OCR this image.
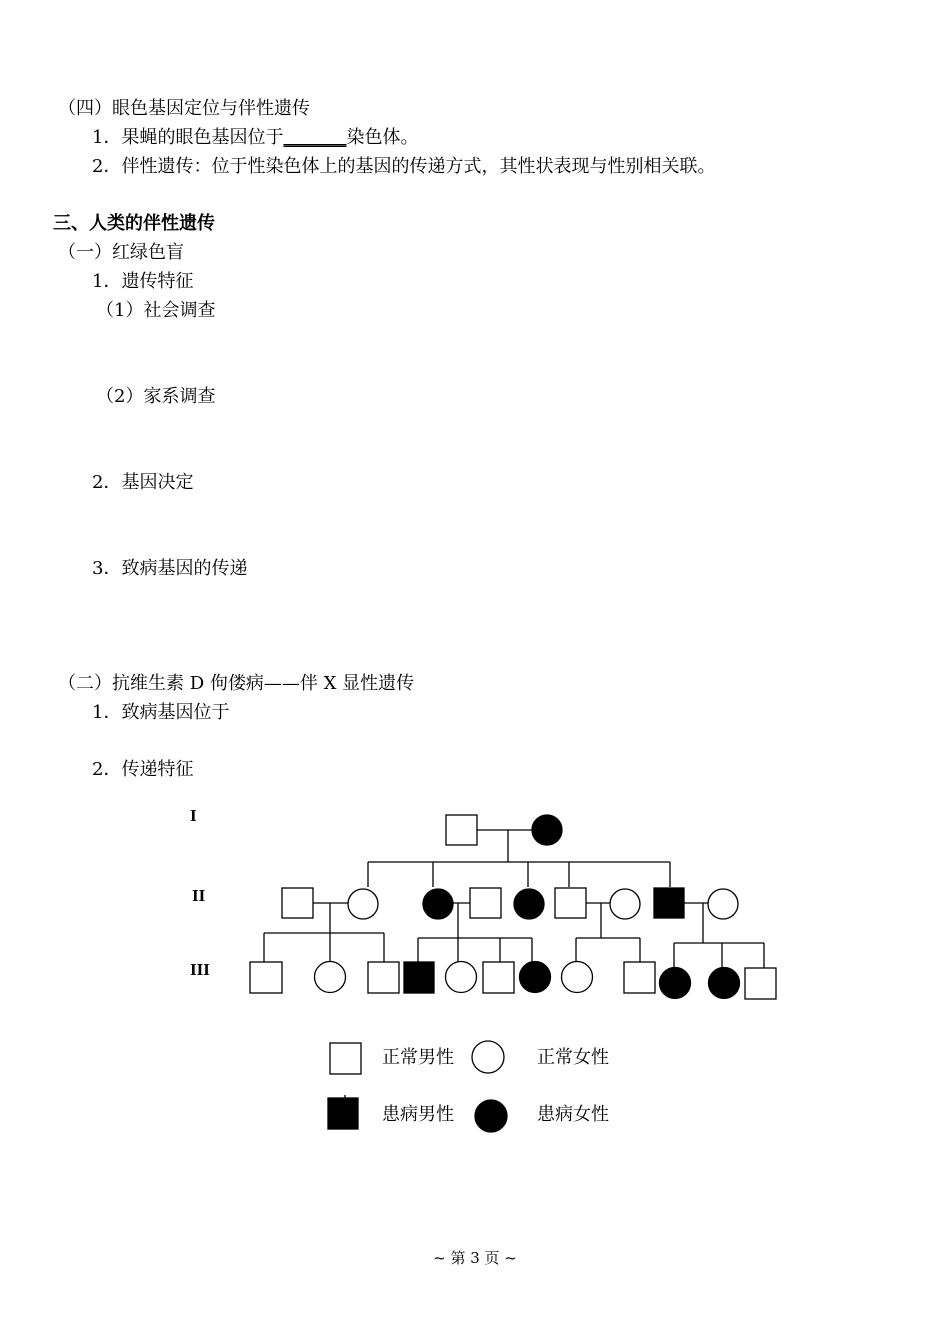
（四）眼色基因定位与伴性遗传
1．果蝇的眼色基因位于_______染色体。
2．伴性遗传：位于性染色体上的基因的传递方式，其性状表现与性别相关联。
三、人类的伴性遗传
（一）红绿色盲
1．遗传特征
（1）社会调查
（2）家系调查
2．基因决定
3．致病基因的传递
（二）抗维生素 D 佝偻病——伴 X 显性遗传
1．致病基因位于
2．传递特征
I
II
III
正常男性	正常女性
患病男性	患病女性
~ 第 3 页 ~
